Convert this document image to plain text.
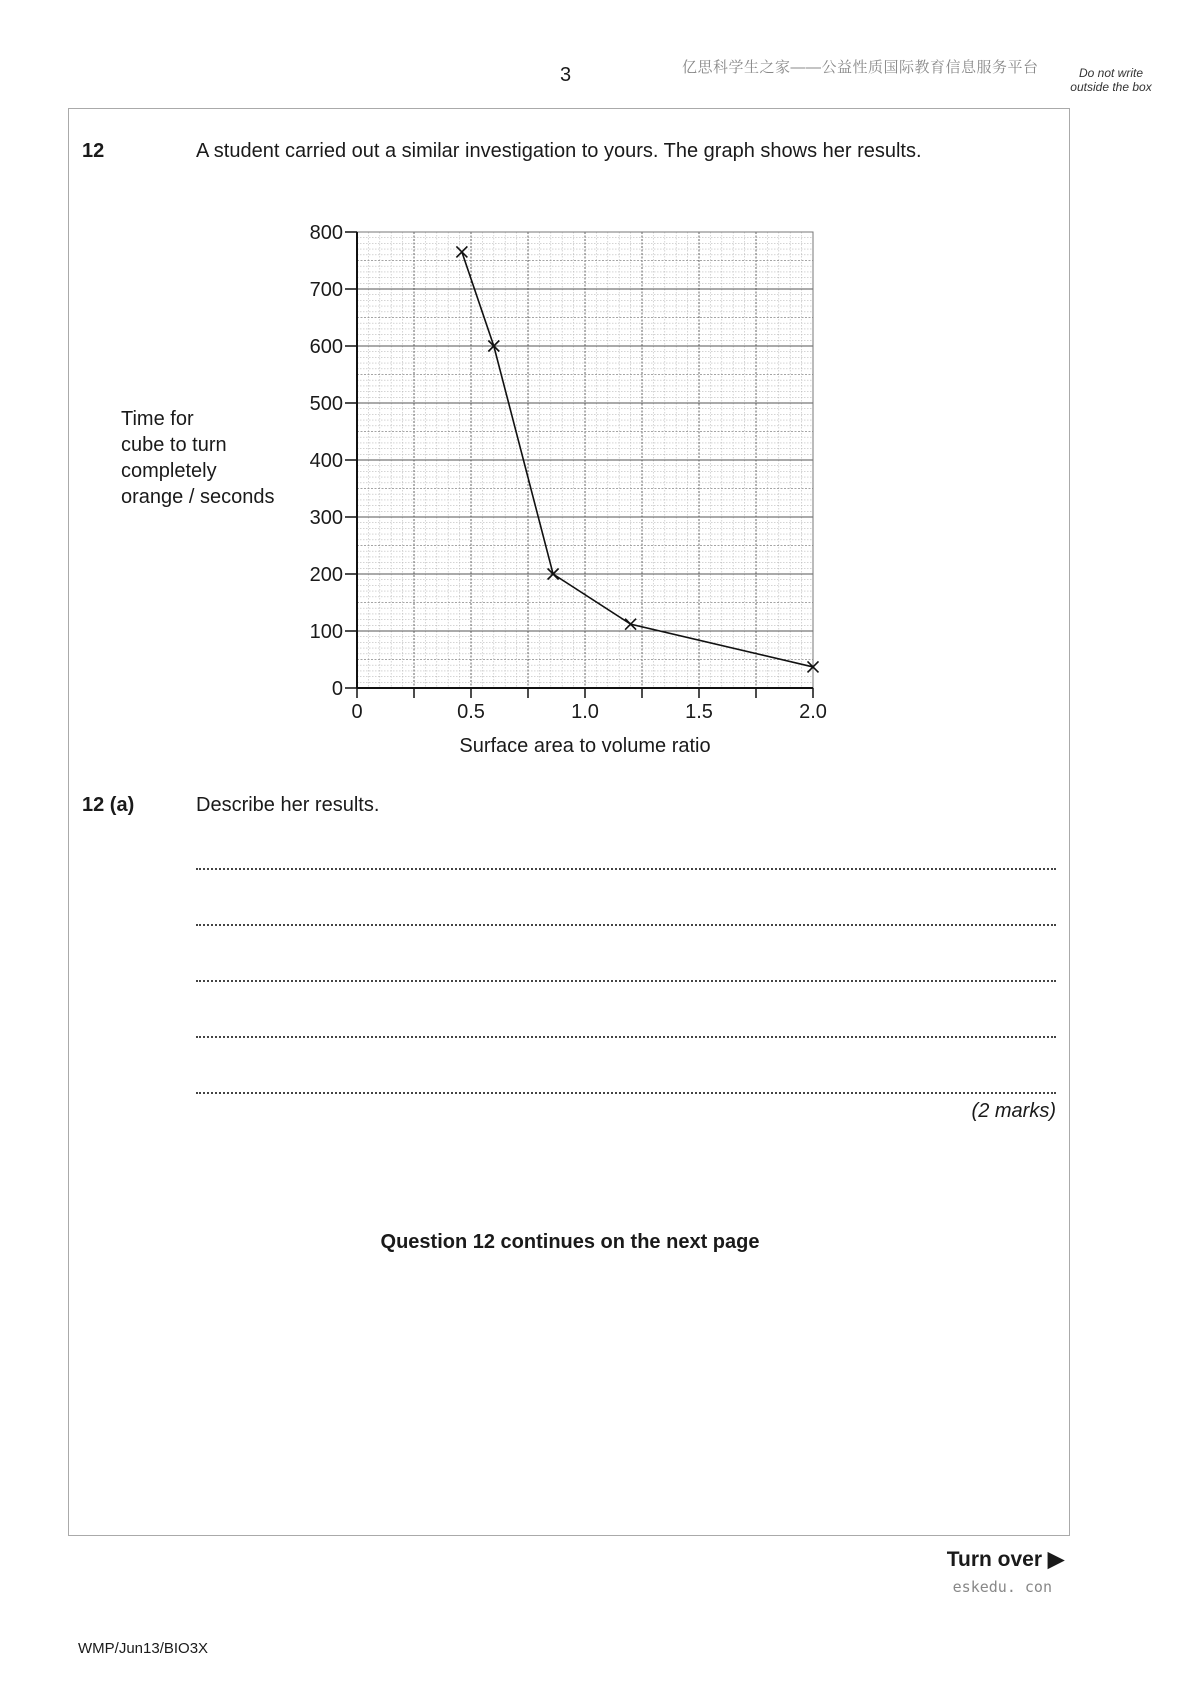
3	亿思科学生之家——公益性质国际教育信息服务平台	Do not write outside the box
12	A student carried out a similar investigation to yours. The graph shows her results.
Time for
cube to turn
completely
orange / seconds
0
100
200
300
400
500
600
700
800
0	0.5	1.0	1.5	2.0
Surface area to volume ratio
12 (a)	Describe her results.
(2 marks)
Question 12 continues on the next page
Turn over ▶
eskedu. con
WMP/Jun13/BIO3X
